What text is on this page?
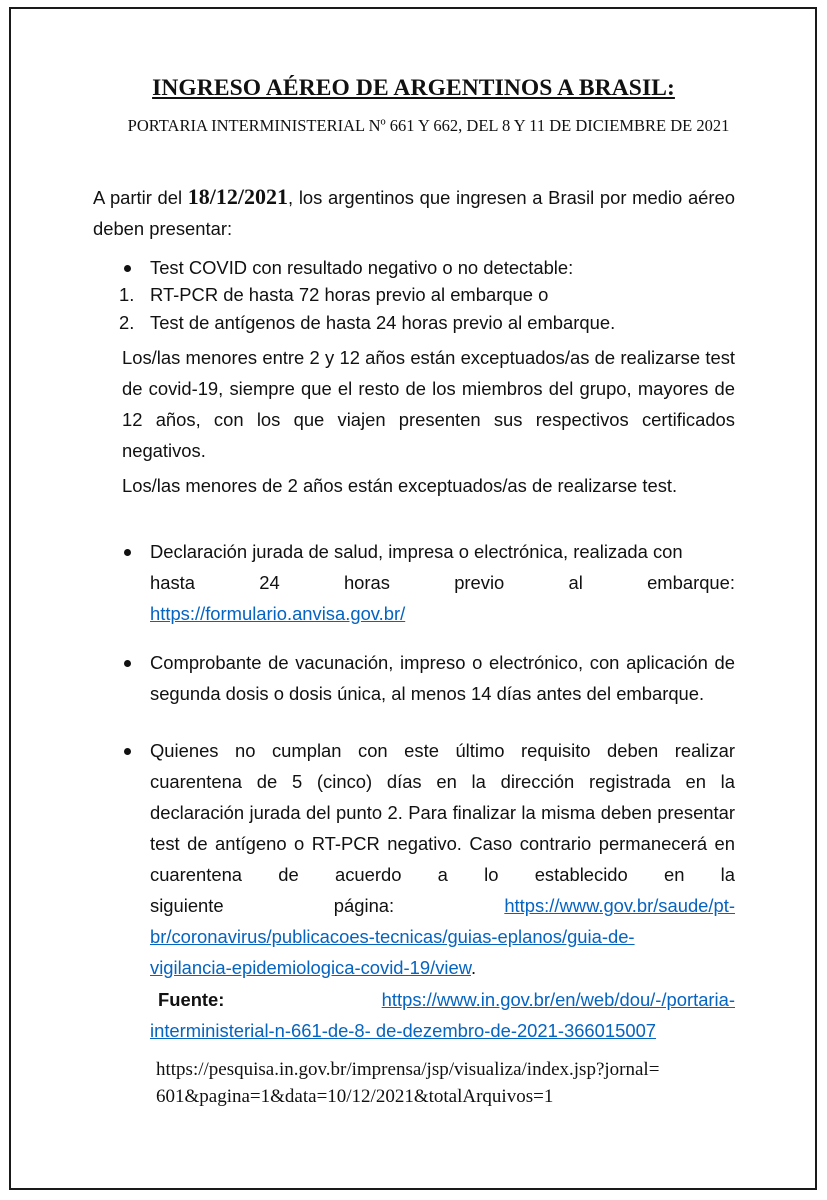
INGRESO AÉREO DE ARGENTINOS A BRASIL:
PORTARIA INTERMINISTERIAL Nº 661 Y 662, DEL 8 Y 11 DE DICIEMBRE DE 2021
A partir del 18/12/2021, los argentinos que ingresen a Brasil por medio aéreo deben presentar:
Test COVID con resultado negativo o no detectable:
1. RT-PCR de hasta 72 horas previo al embarque o
2. Test de antígenos de hasta 24 horas previo al embarque.
Los/las menores entre 2 y 12 años están exceptuados/as de realizarse test de covid-19, siempre que el resto de los miembros del grupo, mayores de 12 años, con los que viajen presenten sus respectivos certificados negativos.
Los/las menores de 2 años están exceptuados/as de realizarse test.
Declaración jurada de salud, impresa o electrónica, realizada con
hasta	24	horas	previo	al	embarque:
https://formulario.anvisa.gov.br/
Comprobante de vacunación, impreso o electrónico, con aplicación de segunda dosis o dosis única, al menos 14 días antes del embarque.
Quienes no cumplan con este último requisito deben realizar cuarentena de 5 (cinco) días en la dirección registrada en la declaración jurada del punto 2. Para finalizar la misma deben presentar test de antígeno o RT-PCR negativo. Caso contrario permanecerá en cuarentena de acuerdo a lo establecido en la
siguiente	página:	https://www.gov.br/saude/pt-
br/coronavirus/publicacoes-tecnicas/guias-eplanos/guia-de-
vigilancia-epidemiologica-covid-19/view.
Fuente:	https://www.in.gov.br/en/web/dou/-/portaria-
interministerial-n-661-de-8- de-dezembro-de-2021-366015007
https://pesquisa.in.gov.br/imprensa/jsp/visualiza/index.jsp?jornal=
601&pagina=1&data=10/12/2021&totalArquivos=1
